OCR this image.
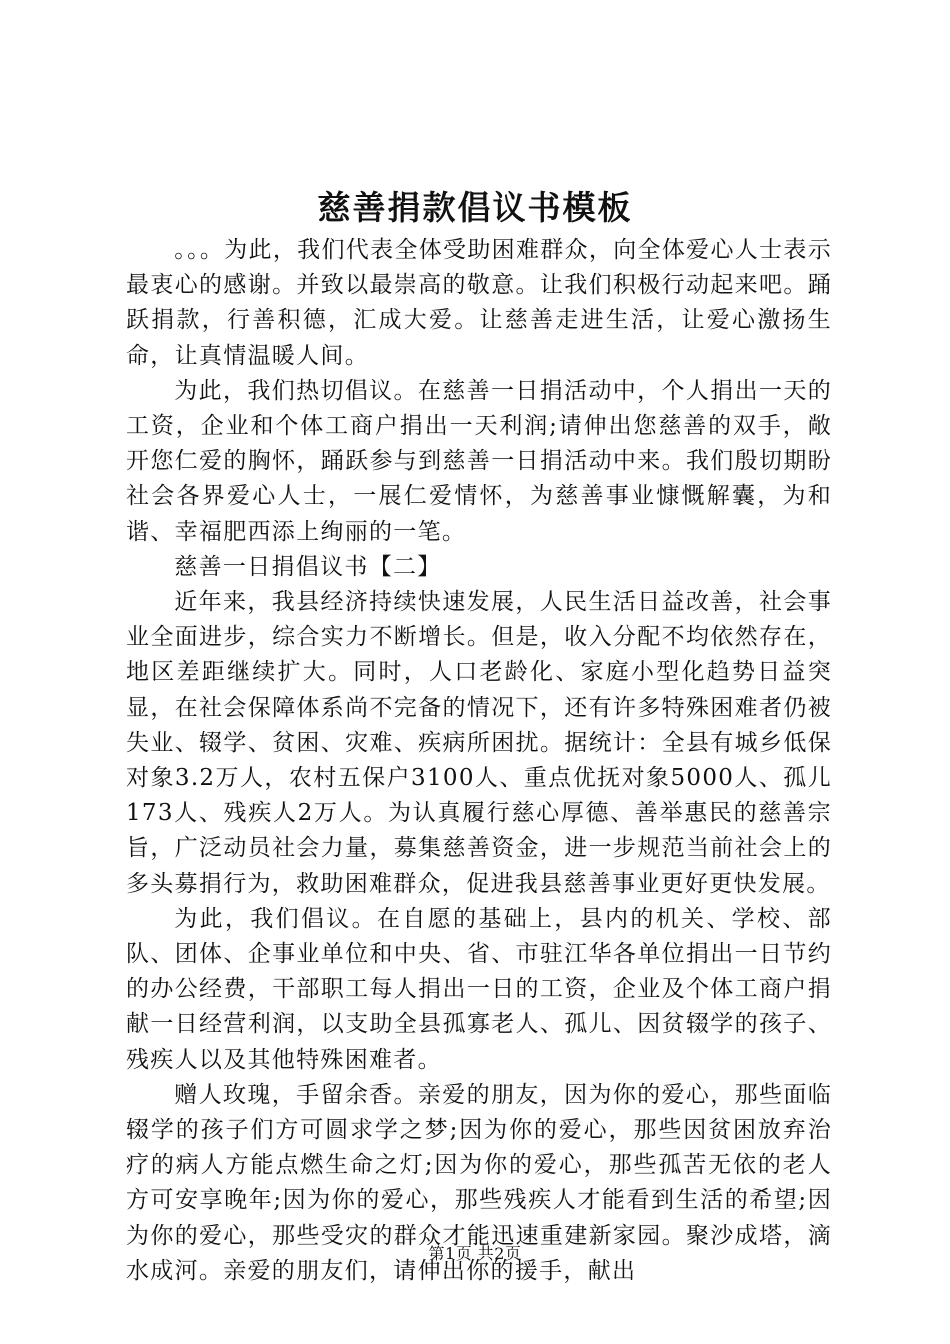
慈善捐款倡议书模板

。。。为此，我们代表全体受助困难群众，向全体爱心人士表示最衷心的感谢。并致以最崇高的敬意。让我们积极行动起来吧。踊跃捐款，行善积德，汇成大爱。让慈善走进生活，让爱心激扬生命，让真情温暖人间。

为此，我们热切倡议。在慈善一日捐活动中，个人捐出一天的工资，企业和个体工商户捐出一天利润;请伸出您慈善的双手，敞开您仁爱的胸怀，踊跃参与到慈善一日捐活动中来。我们殷切期盼社会各界爱心人士，一展仁爱情怀，为慈善事业慷慨解囊，为和谐、幸福肥西添上绚丽的一笔。

慈善一日捐倡议书【二】

近年来，我县经济持续快速发展，人民生活日益改善，社会事业全面进步，综合实力不断增长。但是，收入分配不均依然存在，地区差距继续扩大。同时，人口老龄化、家庭小型化趋势日益突显，在社会保障体系尚不完备的情况下，还有许多特殊困难者仍被失业、辍学、贫困、灾难、疾病所困扰。据统计：全县有城乡低保对象3.2万人，农村五保户3100人、重点优抚对象5000人、孤儿173人、残疾人2万人。为认真履行慈心厚德、善举惠民的慈善宗旨，广泛动员社会力量，募集慈善资金，进一步规范当前社会上的多头募捐行为，救助困难群众，促进我县慈善事业更好更快发展。

为此，我们倡议。在自愿的基础上，县内的机关、学校、部队、团体、企事业单位和中央、省、市驻江华各单位捐出一日节约的办公经费，干部职工每人捐出一日的工资，企业及个体工商户捐献一日经营利润，以支助全县孤寡老人、孤儿、因贫辍学的孩子、残疾人以及其他特殊困难者。

赠人玫瑰，手留余香。亲爱的朋友，因为你的爱心，那些面临辍学的孩子们方可圆求学之梦;因为你的爱心，那些因贫困放弃治疗的病人方能点燃生命之灯;因为你的爱心，那些孤苦无依的老人方可安享晚年;因为你的爱心，那些残疾人才能看到生活的希望;因为你的爱心，那些受灾的群众才能迅速重建新家园。聚沙成塔，滴水成河。亲爱的朋友们，请伸出你的援手，献出

第1页 共2页
